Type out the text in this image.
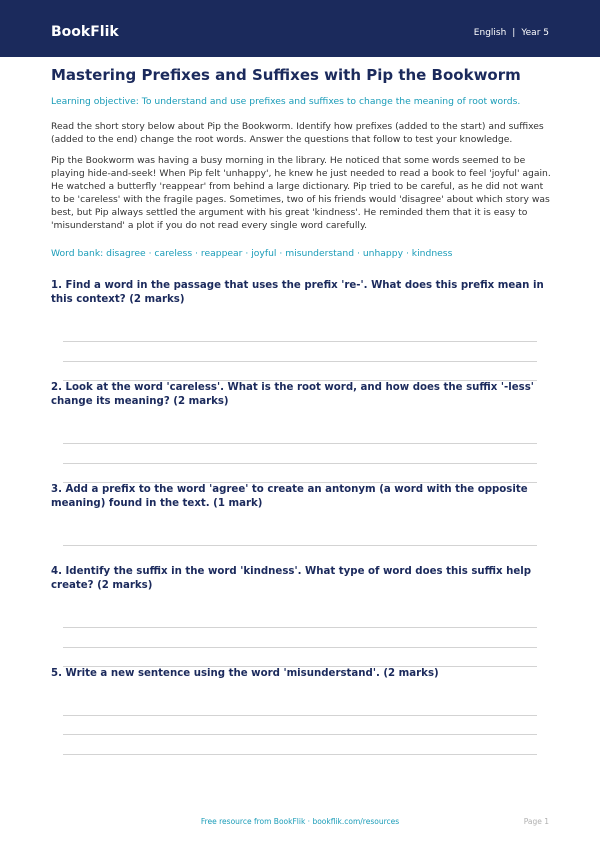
BookFlik	English | Year 5
Mastering Prefixes and Suffixes with Pip the Bookworm
Learning objective: To understand and use prefixes and suffixes to change the meaning of root words.
Read the short story below about Pip the Bookworm. Identify how prefixes (added to the start) and suffixes (added to the end) change the root words. Answer the questions that follow to test your knowledge.
Pip the Bookworm was having a busy morning in the library. He noticed that some words seemed to be playing hide-and-seek! When Pip felt 'unhappy', he knew he just needed to read a book to feel 'joyful' again. He watched a butterfly 'reappear' from behind a large dictionary. Pip tried to be careful, as he did not want to be 'careless' with the fragile pages. Sometimes, two of his friends would 'disagree' about which story was best, but Pip always settled the argument with his great 'kindness'. He reminded them that it is easy to 'misunderstand' a plot if you do not read every single word carefully.
Word bank: disagree · careless · reappear · joyful · misunderstand · unhappy · kindness
1. Find a word in the passage that uses the prefix 're-'. What does this prefix mean in this context? (2 marks)
2. Look at the word 'careless'. What is the root word, and how does the suffix '-less' change its meaning? (2 marks)
3. Add a prefix to the word 'agree' to create an antonym (a word with the opposite meaning) found in the text. (1 mark)
4. Identify the suffix in the word 'kindness'. What type of word does this suffix help create? (2 marks)
5. Write a new sentence using the word 'misunderstand'. (2 marks)
Free resource from BookFlik · bookflik.com/resources	Page 1
